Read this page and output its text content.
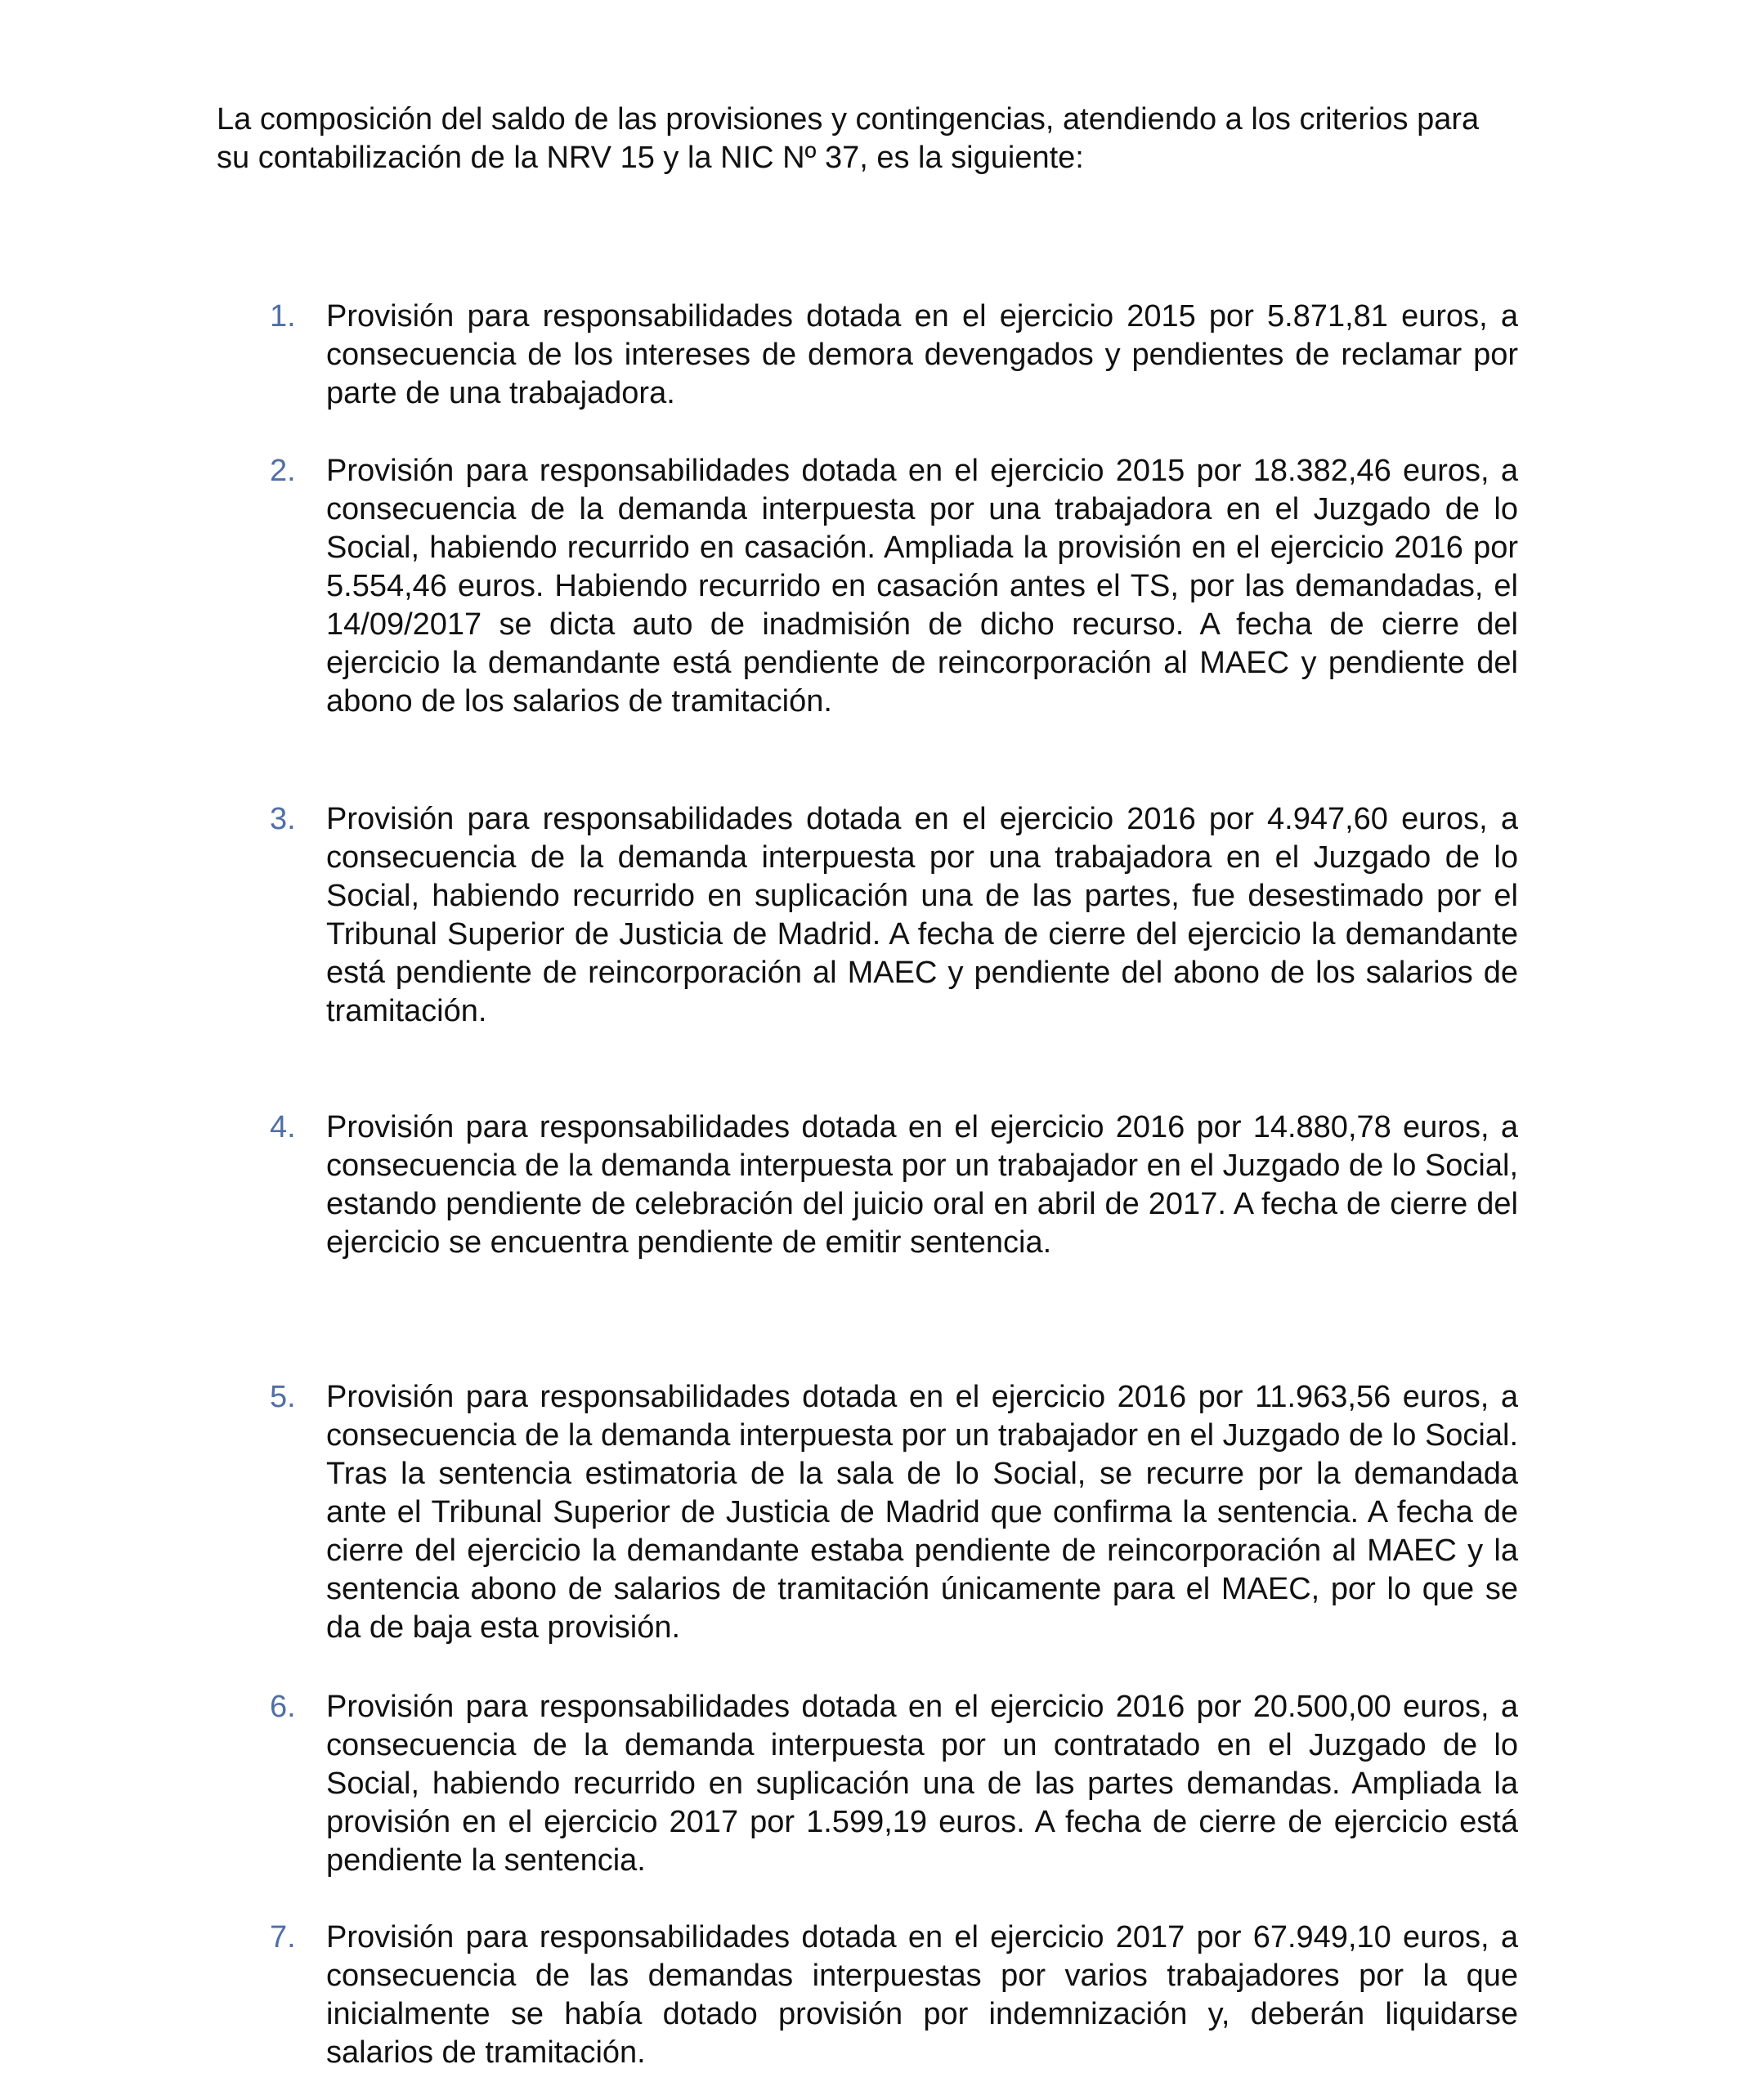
La composición del saldo de las provisiones y contingencias, atendiendo a los criterios para su contabilización de la NRV 15 y la NIC Nº 37, es la siguiente:

1. Provisión para responsabilidades dotada en el ejercicio 2015 por 5.871,81 euros, a consecuencia de los intereses de demora devengados y pendientes de reclamar por parte de una trabajadora.
2. Provisión para responsabilidades dotada en el ejercicio 2015 por 18.382,46 euros, a consecuencia de la demanda interpuesta por una trabajadora en el Juzgado de lo Social, habiendo recurrido en casación. Ampliada la provisión en el ejercicio 2016 por 5.554,46 euros. Habiendo recurrido en casación antes el TS, por las demandadas, el 14/09/2017 se dicta auto de inadmisión de dicho recurso. A fecha de cierre del ejercicio la demandante está pendiente de reincorporación al MAEC y pendiente del abono de los salarios de tramitación.
3. Provisión para responsabilidades dotada en el ejercicio 2016 por 4.947,60 euros, a consecuencia de la demanda interpuesta por una trabajadora en el Juzgado de lo Social, habiendo recurrido en suplicación una de las partes, fue desestimado por el Tribunal Superior de Justicia de Madrid. A fecha de cierre del ejercicio la demandante está pendiente de reincorporación al MAEC y pendiente del abono de los salarios de tramitación.
4. Provisión para responsabilidades dotada en el ejercicio 2016 por 14.880,78 euros, a consecuencia de la demanda interpuesta por un trabajador en el Juzgado de lo Social, estando pendiente de celebración del juicio oral en abril de 2017. A fecha de cierre del ejercicio se encuentra pendiente de emitir sentencia.
5. Provisión para responsabilidades dotada en el ejercicio 2016 por 11.963,56 euros, a consecuencia de la demanda interpuesta por un trabajador en el Juzgado de lo Social. Tras la sentencia estimatoria de la sala de lo Social, se recurre por la demandada ante el Tribunal Superior de Justicia de Madrid que confirma la sentencia. A fecha de cierre del ejercicio la demandante estaba pendiente de reincorporación al MAEC y la sentencia abono de salarios de tramitación únicamente para el MAEC, por lo que se da de baja esta provisión.
6. Provisión para responsabilidades dotada en el ejercicio 2016 por 20.500,00 euros, a consecuencia de la demanda interpuesta por un contratado en el Juzgado de lo Social, habiendo recurrido en suplicación una de las partes demandas. Ampliada la provisión en el ejercicio 2017 por 1.599,19 euros. A fecha de cierre de ejercicio está pendiente la sentencia.
7. Provisión para responsabilidades dotada en el ejercicio 2017 por 67.949,10 euros, a consecuencia de las demandas interpuestas por varios trabajadores por la que inicialmente se había dotado provisión por indemnización y, deberán liquidarse salarios de tramitación.
